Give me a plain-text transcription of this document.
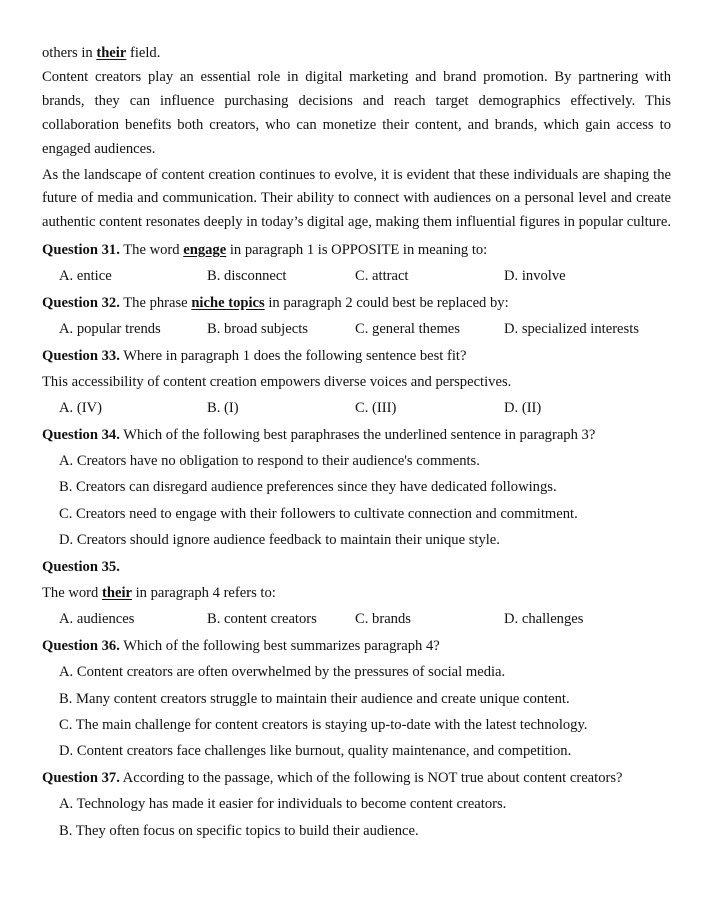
others in their field.

Content creators play an essential role in digital marketing and brand promotion. By partnering with brands, they can influence purchasing decisions and reach target demographics effectively. This collaboration benefits both creators, who can monetize their content, and brands, which gain access to engaged audiences.

As the landscape of content creation continues to evolve, it is evident that these individuals are shaping the future of media and communication. Their ability to connect with audiences on a personal level and create authentic content resonates deeply in today’s digital age, making them influential figures in popular culture.

Question 31. The word engage in paragraph 1 is OPPOSITE in meaning to:
A. entice	B. disconnect	C. attract	D. involve
Question 32. The phrase niche topics in paragraph 2 could best be replaced by:
A. popular trends	B. broad subjects	C. general themes	D. specialized interests
Question 33. Where in paragraph 1 does the following sentence best fit?
This accessibility of content creation empowers diverse voices and perspectives.
A. (IV)	B. (I)	C. (III)	D. (II)
Question 34. Which of the following best paraphrases the underlined sentence in paragraph 3?
A. Creators have no obligation to respond to their audience's comments.
B. Creators can disregard audience preferences since they have dedicated followings.
C. Creators need to engage with their followers to cultivate connection and commitment.
D. Creators should ignore audience feedback to maintain their unique style.
Question 35.
The word their in paragraph 4 refers to:
A. audiences	B. content creators	C. brands	D. challenges
Question 36. Which of the following best summarizes paragraph 4?
A. Content creators are often overwhelmed by the pressures of social media.
B. Many content creators struggle to maintain their audience and create unique content.
C. The main challenge for content creators is staying up-to-date with the latest technology.
D. Content creators face challenges like burnout, quality maintenance, and competition.
Question 37. According to the passage, which of the following is NOT true about content creators?
A. Technology has made it easier for individuals to become content creators.
B. They often focus on specific topics to build their audience.
